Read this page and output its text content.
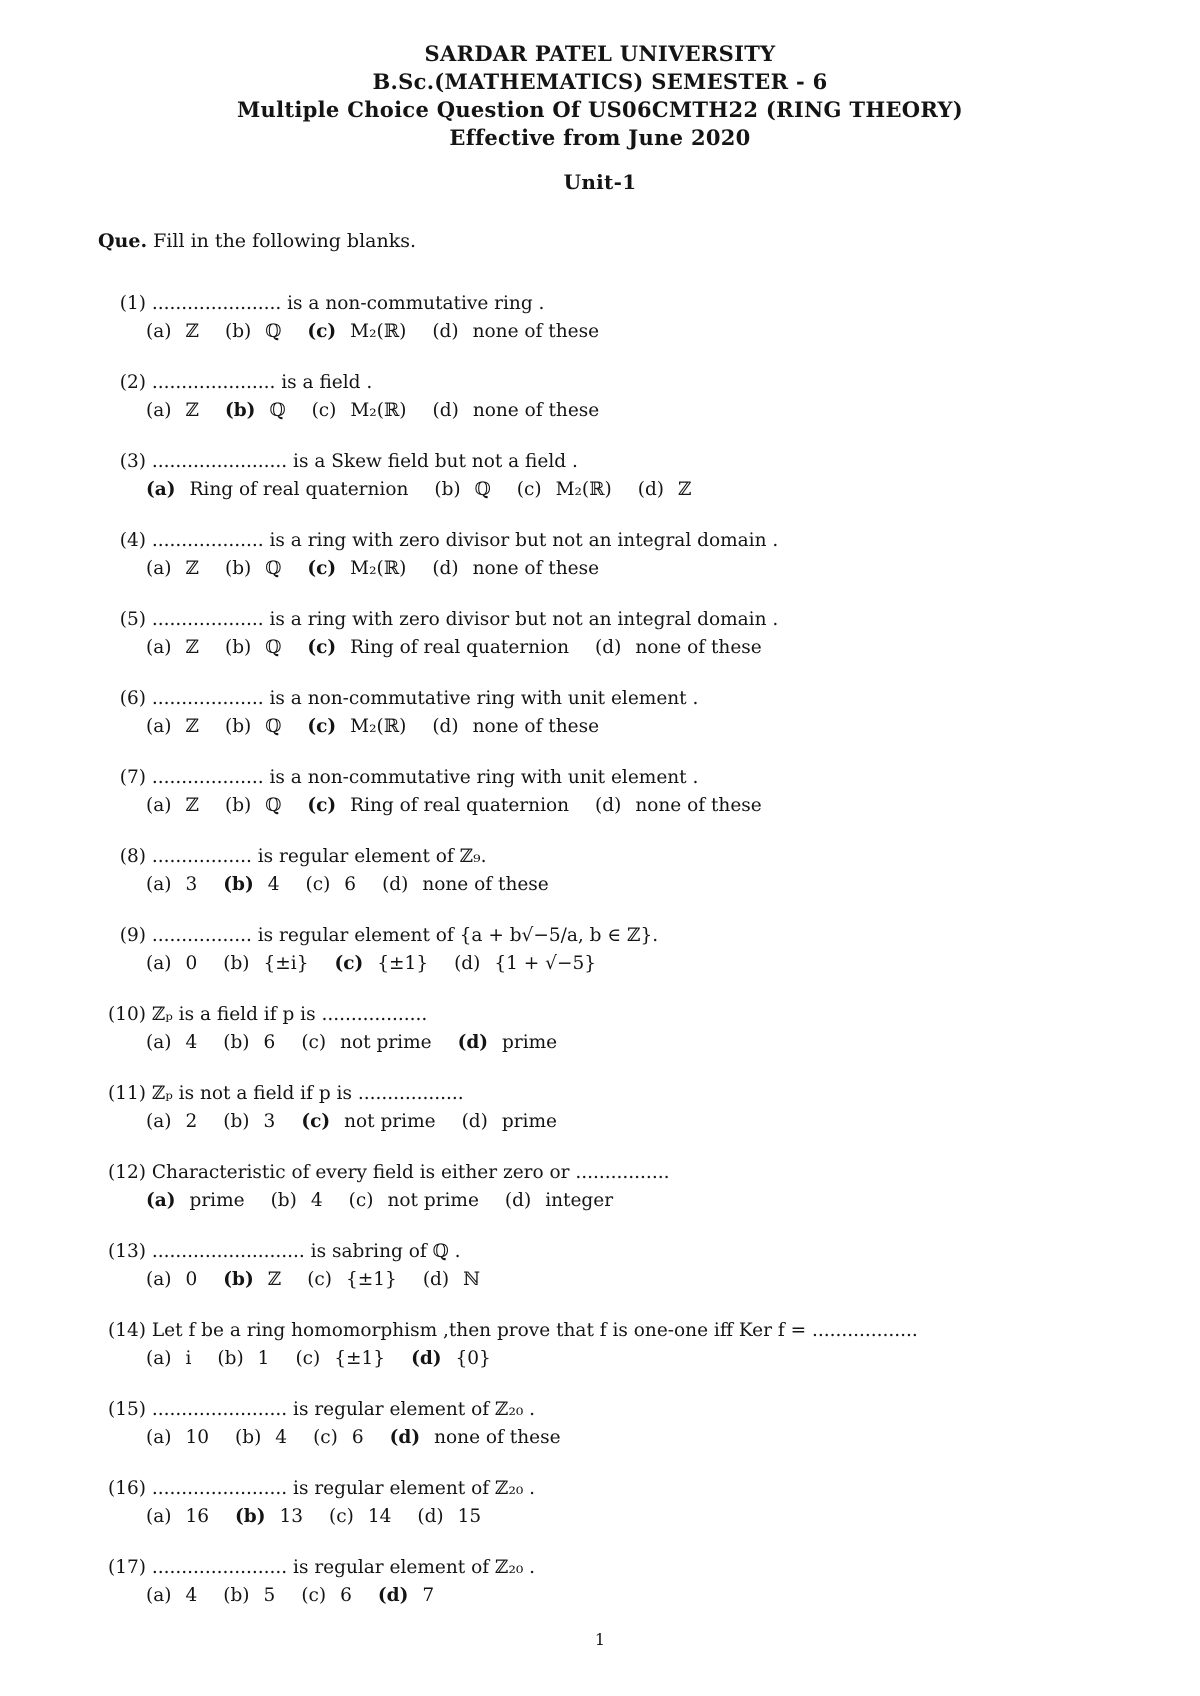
SARDAR PATEL UNIVERSITY
B.Sc.(MATHEMATICS) SEMESTER - 6
Multiple Choice Question Of US06CMTH22 (RING THEORY)
Effective from June 2020
Unit-1
Que. Fill in the following blanks.
(1) ...................... is a non-commutative ring .
(a) ℤ (b) ℚ (c) M₂(ℝ) (d) none of these
(2) ..................... is a field .
(a) ℤ (b) ℚ (c) M₂(ℝ) (d) none of these
(3) ....................... is a Skew field but not a field .
(a) Ring of real quaternion (b) ℚ (c) M₂(ℝ) (d) ℤ
(4) ................... is a ring with zero divisor but not an integral domain .
(a) ℤ (b) ℚ (c) M₂(ℝ) (d) none of these
(5) ................... is a ring with zero divisor but not an integral domain .
(a) ℤ (b) ℚ (c) Ring of real quaternion (d) none of these
(6) ................... is a non-commutative ring with unit element .
(a) ℤ (b) ℚ (c) M₂(ℝ) (d) none of these
(7) ................... is a non-commutative ring with unit element .
(a) ℤ (b) ℚ (c) Ring of real quaternion (d) none of these
(8) ................. is regular element of ℤ₉.
(a) 3 (b) 4 (c) 6 (d) none of these
(9) ................. is regular element of {a + b√−5/a, b ∈ ℤ}.
(a) 0 (b) {±i} (c) {±1} (d) {1 + √−5}
(10) ℤₚ is a field if p is ..................
(a) 4 (b) 6 (c) not prime (d) prime
(11) ℤₚ is not a field if p is ..................
(a) 2 (b) 3 (c) not prime (d) prime
(12) Characteristic of every field is either zero or ................
(a) prime (b) 4 (c) not prime (d) integer
(13) .......................... is sabring of ℚ .
(a) 0 (b) ℤ (c) {±1} (d) ℕ
(14) Let f be a ring homomorphism ,then prove that f is one-one iff Ker f = ..................
(a) i (b) 1 (c) {±1} (d) {0}
(15) ....................... is regular element of ℤ₂₀ .
(a) 10 (b) 4 (c) 6 (d) none of these
(16) ....................... is regular element of ℤ₂₀ .
(a) 16 (b) 13 (c) 14 (d) 15
(17) ....................... is regular element of ℤ₂₀ .
(a) 4 (b) 5 (c) 6 (d) 7
1
